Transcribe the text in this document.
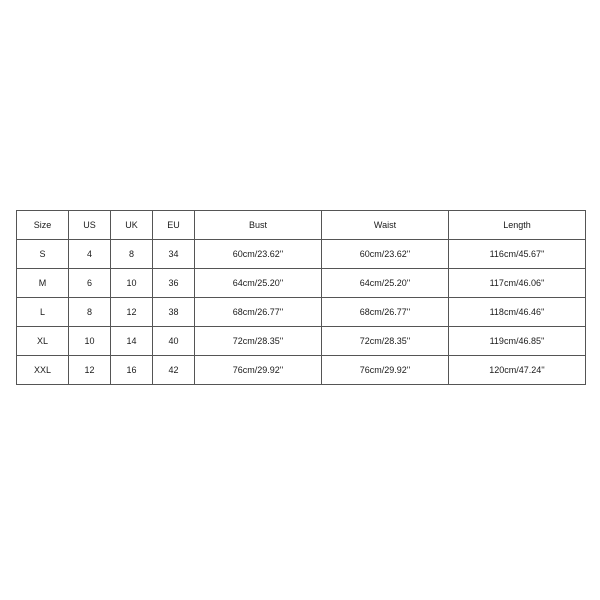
Size	US	UK	EU	Bust	Waist	Length
S	4	8	34	60cm/23.62''	60cm/23.62''	116cm/45.67''
M	6	10	36	64cm/25.20''	64cm/25.20''	117cm/46.06''
L	8	12	38	68cm/26.77''	68cm/26.77''	118cm/46.46''
XL	10	14	40	72cm/28.35''	72cm/28.35''	119cm/46.85''
XXL	12	16	42	76cm/29.92''	76cm/29.92''	120cm/47.24''
